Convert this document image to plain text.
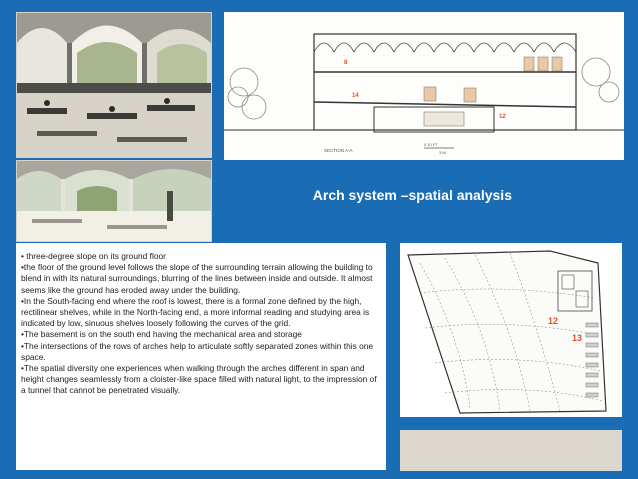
8
14
12
SECTION A-A
0 10 FT
3 M
Arch system –spatial analysis
• three-degree slope on its ground floor
•the floor of the ground level follows the slope of the surrounding terrain allowing the building to blend in with its natural surroundings, blurring of the lines between inside and outside. It almost seems like the ground has eroded away under the building.
•In the South-facing end where the roof is lowest, there is a formal zone defined by the high, rectilinear shelves, while in the North-facing end, a more informal reading and studying area is indicated by low, sinuous shelves loosely following the curves of the grid.
•The basement is on the south end having the mechanical area and storage
•The intersections of the rows of arches help to articulate softly separated zones within this one space.
•The spatial diversity one experiences when walking through the arches different in span and height changes seamlessly from a cloister-like space filled with natural light, to the impression of a tunnel that cannot be penetrated visually.
12
13
